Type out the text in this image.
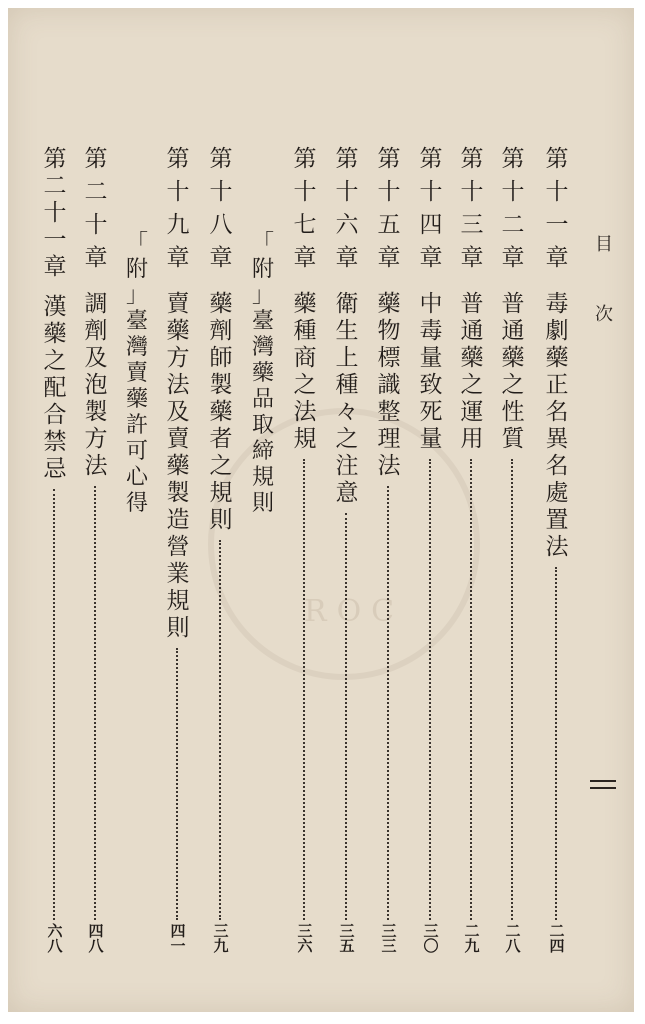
ROC
目
次
第
十
一
章
毒
劇
藥
正
名
異
名
處
置
法
二
四
第
十
二
章
普
通
藥
之
性
質
二
八
第
十
三
章
普
通
藥
之
運
用
二
九
第
十
四
章
中
毒
量
致
死
量
三
〇
第
十
五
章
藥
物
標
識
整
理
法
三
三
第
十
六
章
衛
生
上
種
々
之
注
意
三
五
第
十
七
章
藥
種
商
之
法
規
三
六
「
附
」
臺
灣
藥
品
取
締
規
則
第
十
八
章
藥
劑
師
製
藥
者
之
規
則
三
九
第
十
九
章
賣
藥
方
法
及
賣
藥
製
造
營
業
規
則
四
一
「
附
」
臺
灣
賣
藥
許
可
心
得
第
二
十
章
調
劑
及
泡
製
方
法
四
八
第
二
十
一
章
漢
藥
之
配
合
禁
忌
六
八
